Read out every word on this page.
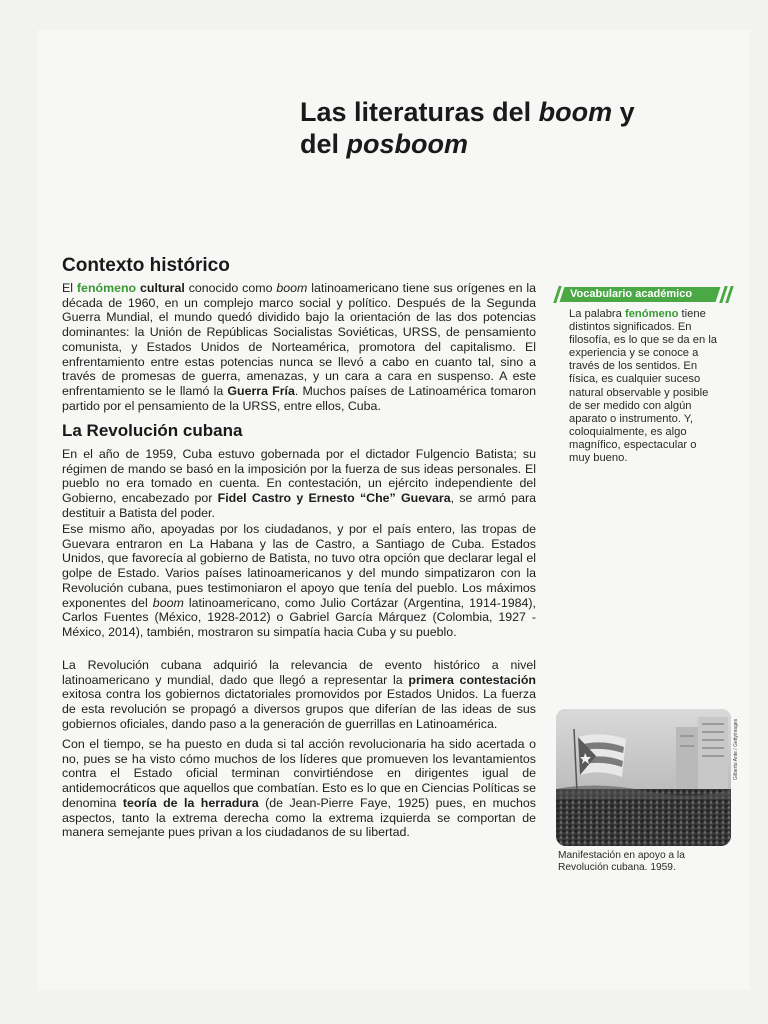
Las literaturas del boom y
del posboom
Contexto histórico

El fenómeno cultural conocido como boom latinoamericano tiene sus orígenes en la década de 1960, en un complejo marco social y político. Después de la Segunda Guerra Mundial, el mundo quedó dividido bajo la orientación de las dos potencias dominantes: la Unión de Repúblicas Socialistas Soviéticas, URSS, de pensamiento comunista, y Estados Unidos de Norteamérica, promotora del capitalismo. El enfrentamiento entre estas potencias nunca se llevó a cabo en cuanto tal, sino a través de promesas de guerra, amenazas, y un cara a cara en suspenso. A este enfrentamiento se le llamó la Guerra Fría. Muchos países de Latinoamérica tomaron partido por el pensamiento de la URSS, entre ellos, Cuba.

La Revolución cubana

En el año de 1959, Cuba estuvo gobernada por el dictador Fulgencio Batista; su régimen de mando se basó en la imposición por la fuerza de sus ideas personales. El pueblo no era tomado en cuenta. En contestación, un ejército independiente del Gobierno, encabezado por Fidel Castro y Ernesto “Che” Guevara, se armó para destituir a Batista del poder.

Ese mismo año, apoyadas por los ciudadanos, y por el país entero, las tropas de Guevara entraron en La Habana y las de Castro, a Santiago de Cuba. Estados Unidos, que favorecía al gobierno de Batista, no tuvo otra opción que declarar legal el golpe de Estado. Varios países latinoamericanos y del mundo simpatizaron con la Revolución cubana, pues testimoniaron el apoyo que tenía del pueblo. Los máximos exponentes del boom latinoamericano, como Julio Cortázar (Argentina, 1914-1984), Carlos Fuentes (México, 1928-2012) o Gabriel García Márquez (Colombia, 1927 - México, 2014), también, mostraron su simpatía hacia Cuba y su pueblo.

La Revolución cubana adquirió la relevancia de evento histórico a nivel latinoamericano y mundial, dado que llegó a representar la primera contestación exitosa contra los gobiernos dictatoriales promovidos por Estados Unidos. La fuerza de esta revolución se propagó a diversos grupos que diferían de las ideas de sus gobiernos oficiales, dando paso a la generación de guerrillas en Latinoamérica.

Con el tiempo, se ha puesto en duda si tal acción revolucionaria ha sido acertada o no, pues se ha visto cómo muchos de los líderes que promueven los levantamientos contra el Estado oficial terminan convirtiéndose en dirigentes igual de antidemocráticos que aquellos que combatían. Esto es lo que en Ciencias Políticas se denomina teoría de la herradura (de Jean-Pierre Faye, 1925) pues, en muchos aspectos, tanto la extrema derecha como la extrema izquierda se comportan de manera semejante pues privan a los ciudadanos de su libertad.

Vocabulario académico

La palabra fenómeno tiene distintos significados. En filosofía, es lo que se da en la experiencia y se conoce a través de los sentidos. En física, es cualquier suceso natural observable y posible de ser medido con algún aparato o instrumento. Y, coloquialmente, es algo magnífico, espectacular o muy bueno.

Gilberto Ante / Gettyimages

Manifestación en apoyo a la Revolución cubana. 1959.
